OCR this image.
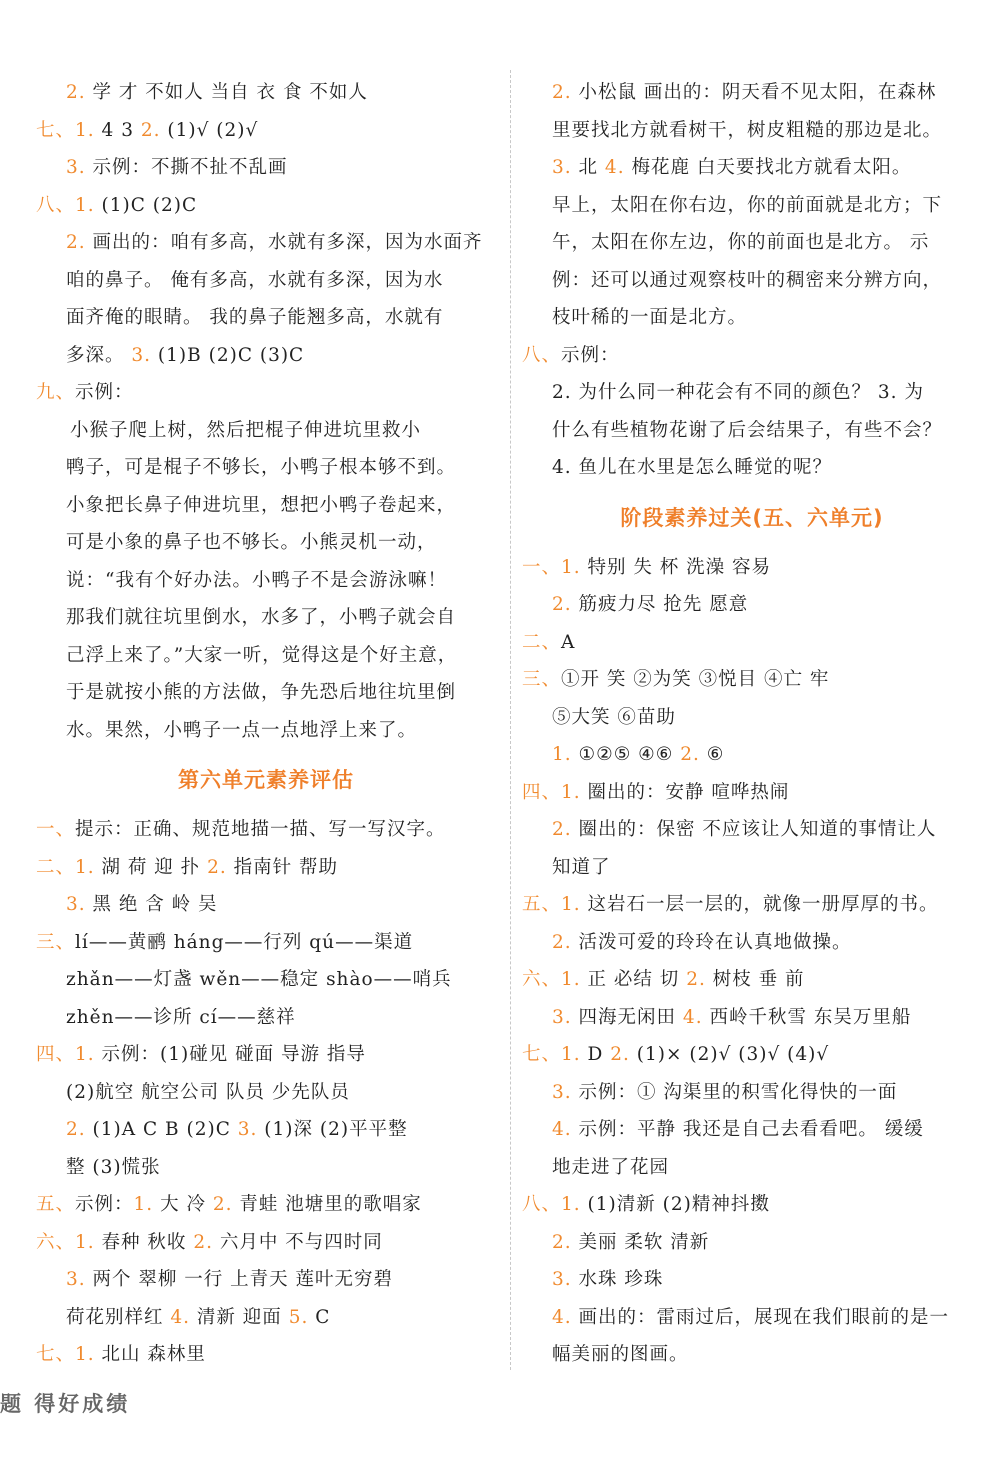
2. 学 才 不如人 当自 衣 食 不如人
七、1. 4 3 2. (1)√ (2)√
3. 示例：不撕不扯不乱画
八、1. (1)C (2)C
2. 画出的：咱有多高，水就有多深，因为水面齐
咱的鼻子。 俺有多高，水就有多深，因为水
面齐俺的眼睛。 我的鼻子能翘多高，水就有
多深。 3. (1)B (2)C (3)C
九、示例：
小猴子爬上树，然后把棍子伸进坑里救小
鸭子，可是棍子不够长，小鸭子根本够不到。
小象把长鼻子伸进坑里，想把小鸭子卷起来，
可是小象的鼻子也不够长。小熊灵机一动，
说：“我有个好办法。小鸭子不是会游泳嘛！
那我们就往坑里倒水，水多了，小鸭子就会自
己浮上来了。”大家一听，觉得这是个好主意，
于是就按小熊的方法做，争先恐后地往坑里倒
水。果然，小鸭子一点一点地浮上来了。
第六单元素养评估
一、提示：正确、规范地描一描、写一写汉字。
二、1. 湖 荷 迎 扑 2. 指南针 帮助
3. 黑 绝 含 岭 吴
三、lí——黄鹂 háng——行列 qú——渠道
zhǎn——灯盏 wěn——稳定 shào——哨兵
zhěn——诊所 cí——慈祥
四、1. 示例：(1)碰见 碰面 导游 指导
(2)航空 航空公司 队员 少先队员
2. (1)A C B (2)C 3. (1)深 (2)平平整
整 (3)慌张
五、示例：1. 大 冷 2. 青蛙 池塘里的歌唱家
六、1. 春种 秋收 2. 六月中 不与四时同
3. 两个 翠柳 一行 上青天 莲叶无穷碧
荷花别样红 4. 清新 迎面 5. C
七、1. 北山 森林里
2. 小松鼠 画出的：阴天看不见太阳，在森林
里要找北方就看树干，树皮粗糙的那边是北。
3. 北 4. 梅花鹿 白天要找北方就看太阳。
早上，太阳在你右边，你的前面就是北方；下
午，太阳在你左边，你的前面也是北方。 示
例：还可以通过观察枝叶的稠密来分辨方向，
枝叶稀的一面是北方。
八、示例：
2. 为什么同一种花会有不同的颜色？ 3. 为
什么有些植物花谢了后会结果子，有些不会？
4. 鱼儿在水里是怎么睡觉的呢？
阶段素养过关(五、六单元)
一、1. 特别 失 杯 洗澡 容易
2. 筋疲力尽 抢先 愿意
二、A
三、①开 笑 ②为笑 ③悦目 ④亡 牢
⑤大笑 ⑥苗助
1. ①②⑤ ④⑥ 2. ⑥
四、1. 圈出的：安静 喧哗热闹
2. 圈出的：保密 不应该让人知道的事情让人
知道了
五、1. 这岩石一层一层的，就像一册厚厚的书。
2. 活泼可爱的玲玲在认真地做操。
六、1. 正 必结 切 2. 树枝 垂 前
3. 四海无闲田 4. 西岭千秋雪 东吴万里船
七、1. D 2. (1)× (2)√ (3)√ (4)√
3. 示例：① 沟渠里的积雪化得快的一面
4. 示例：平静 我还是自己去看看吧。 缓缓
地走进了花园
八、1. (1)清新 (2)精神抖擞
2. 美丽 柔软 清新
3. 水珠 珍珠
4. 画出的：雷雨过后，展现在我们眼前的是一
幅美丽的图画。
题 得好成绩
